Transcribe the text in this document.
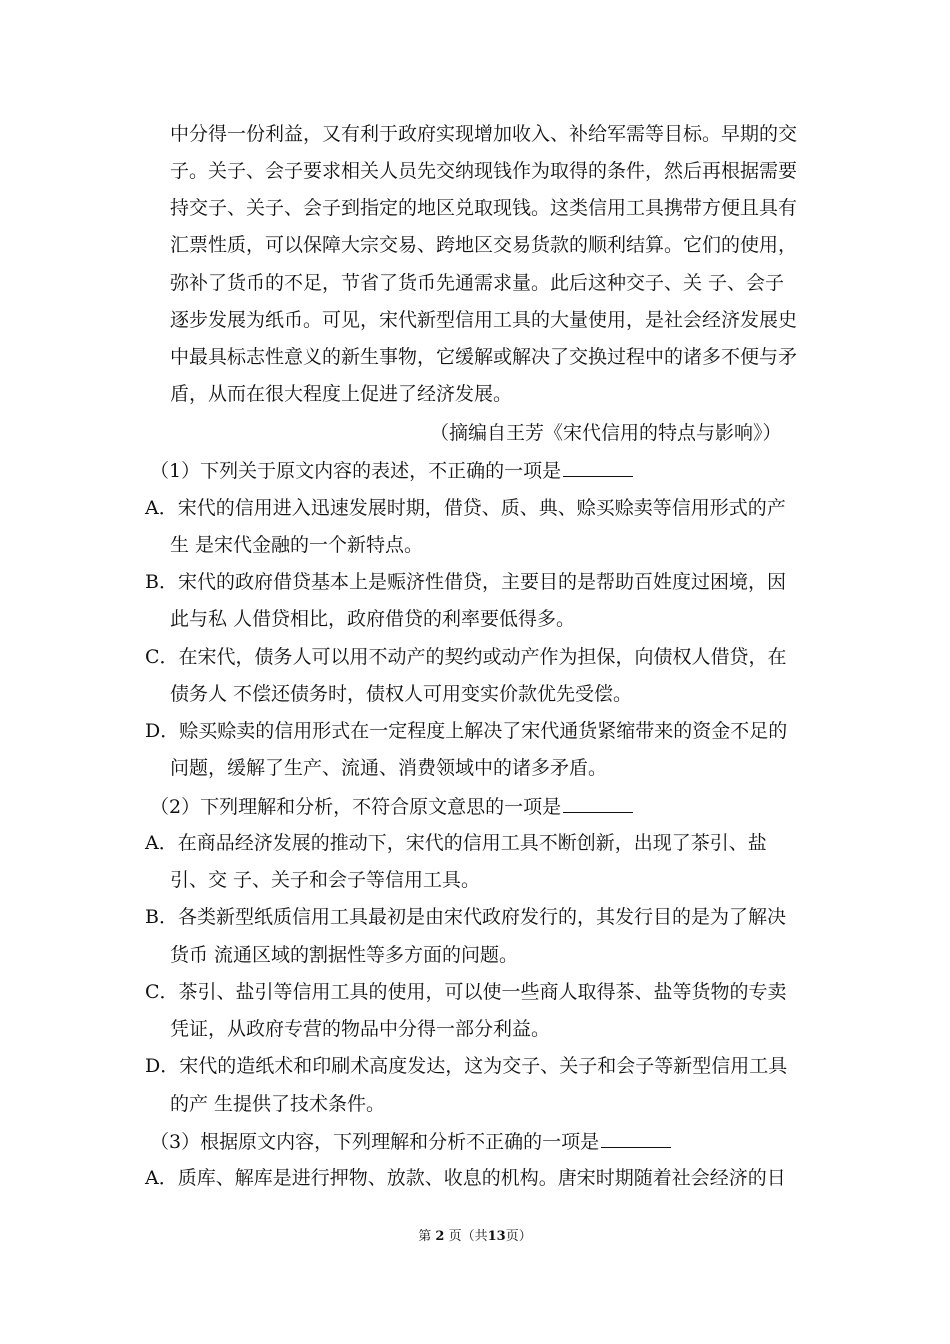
中分得一份利益，又有利于政府实现增加收入、补给军需等目标。早期的交
子。关子、会子要求相关人员先交纳现钱作为取得的条件，然后再根据需要
持交子、关子、会子到指定的地区兑取现钱。这类信用工具携带方便且具有
汇票性质，可以保障大宗交易、跨地区交易货款的顺利结算。它们的使用，
弥补了货币的不足，节省了货币先通需求量。此后这种交子、关 子、会子
逐步发展为纸币。可见，宋代新型信用工具的大量使用，是社会经济发展史
中最具标志性意义的新生事物，它缓解或解决了交换过程中的诸多不便与矛
盾，从而在很大程度上促进了经济发展。
（摘编自王芳《宋代信用的特点与影响》）
（1）下列关于原文内容的表述，不正确的一项是
A．宋代的信用进入迅速发展时期，借贷、质、典、赊买赊卖等信用形式的产
生 是宋代金融的一个新特点。
B．宋代的政府借贷基本上是赈济性借贷，主要目的是帮助百姓度过困境，因
此与私 人借贷相比，政府借贷的利率要低得多。
C．在宋代，债务人可以用不动产的契约或动产作为担保，向债权人借贷，在
债务人 不偿还债务时，债权人可用变实价款优先受偿。
D．赊买赊卖的信用形式在一定程度上解决了宋代通货紧缩带来的资金不足的
问题，缓解了生产、流通、消费领域中的诸多矛盾。
（2）下列理解和分析，不符合原文意思的一项是
A．在商品经济发展的推动下，宋代的信用工具不断创新，出现了茶引、盐
引、交 子、关子和会子等信用工具。
B．各类新型纸质信用工具最初是由宋代政府发行的，其发行目的是为了解决
货币 流通区域的割据性等多方面的问题。
C．茶引、盐引等信用工具的使用，可以使一些商人取得茶、盐等货物的专卖
凭证，从政府专营的物品中分得一部分利益。
D．宋代的造纸术和印刷术高度发达，这为交子、关子和会子等新型信用工具
的产 生提供了技术条件。
（3）根据原文内容，下列理解和分析不正确的一项是
A．质库、解库是进行押物、放款、收息的机构。唐宋时期随着社会经济的日
第 2 页（共13页）
